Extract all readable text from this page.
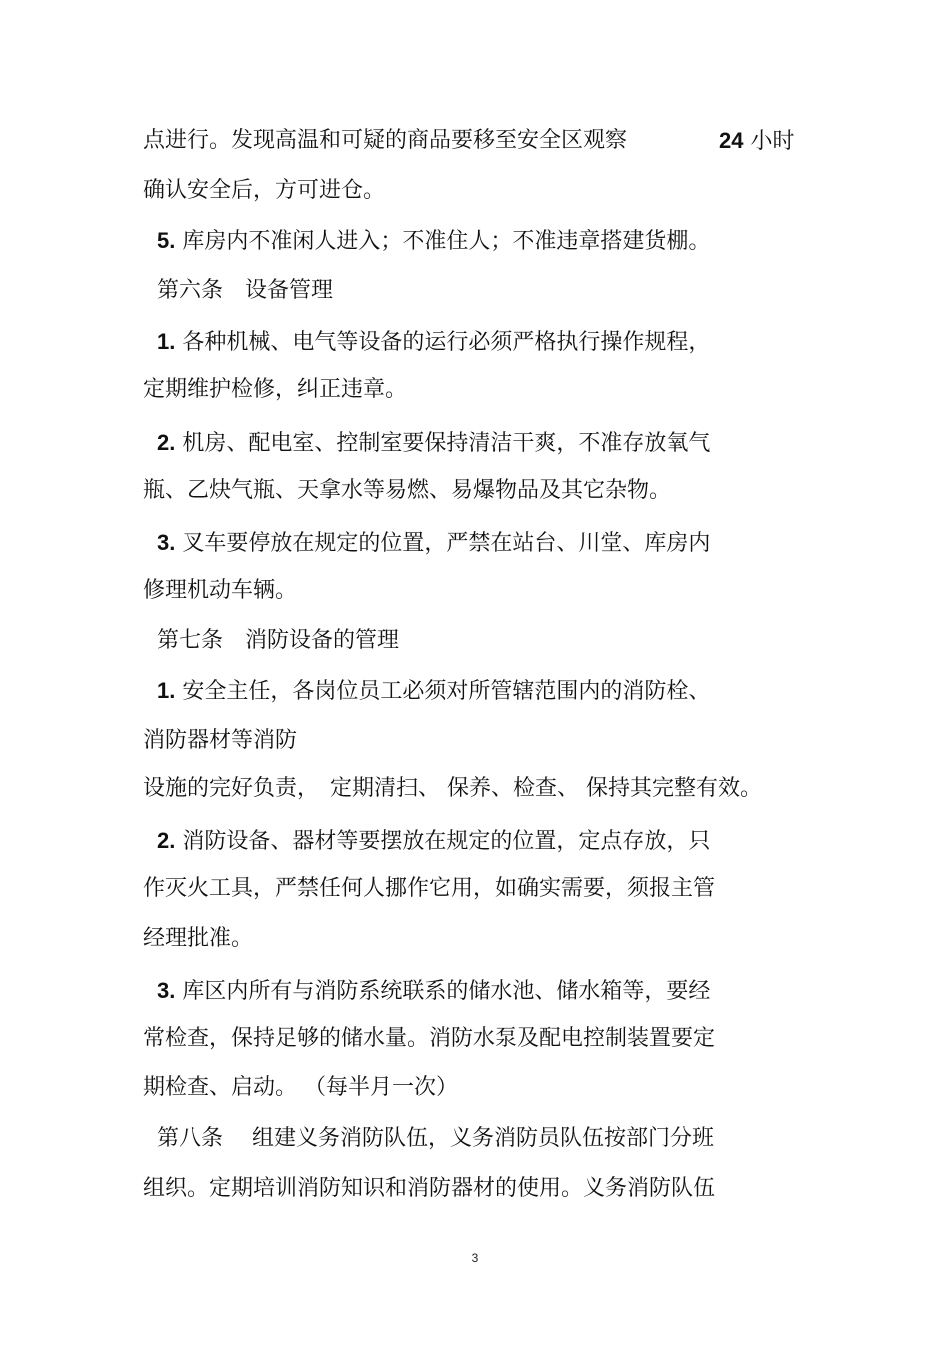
点进行。发现高温和可疑的商品要移至安全区观察	24 小时
确认安全后，方可进仓。
5. 库房内不准闲人进入；不准住人；不准违章搭建货棚。
第六条　设备管理
1. 各种机械、电气等设备的运行必须严格执行操作规程，
定期维护检修，纠正违章。
2. 机房、配电室、控制室要保持清洁干爽，不准存放氧气
瓶、乙炔气瓶、天拿水等易燃、易爆物品及其它杂物。
3. 叉车要停放在规定的位置，严禁在站台、川堂、库房内
修理机动车辆。
第七条　消防设备的管理
1. 安全主任，各岗位员工必须对所管辖范围内的消防栓、
消防器材等消防
设施的完好负责，　定期清扫、 保养、检查、 保持其完整有效。
2. 消防设备、器材等要摆放在规定的位置，定点存放，只
作灭火工具，严禁任何人挪作它用，如确实需要，须报主管
经理批准。
3. 库区内所有与消防系统联系的储水池、储水箱等，要经
常检查，保持足够的储水量。消防水泵及配电控制装置要定
期检查、启动。 （每半月一次）
第八条　 组建义务消防队伍，义务消防员队伍按部门分班
组织。定期培训消防知识和消防器材的使用。义务消防队伍
3
